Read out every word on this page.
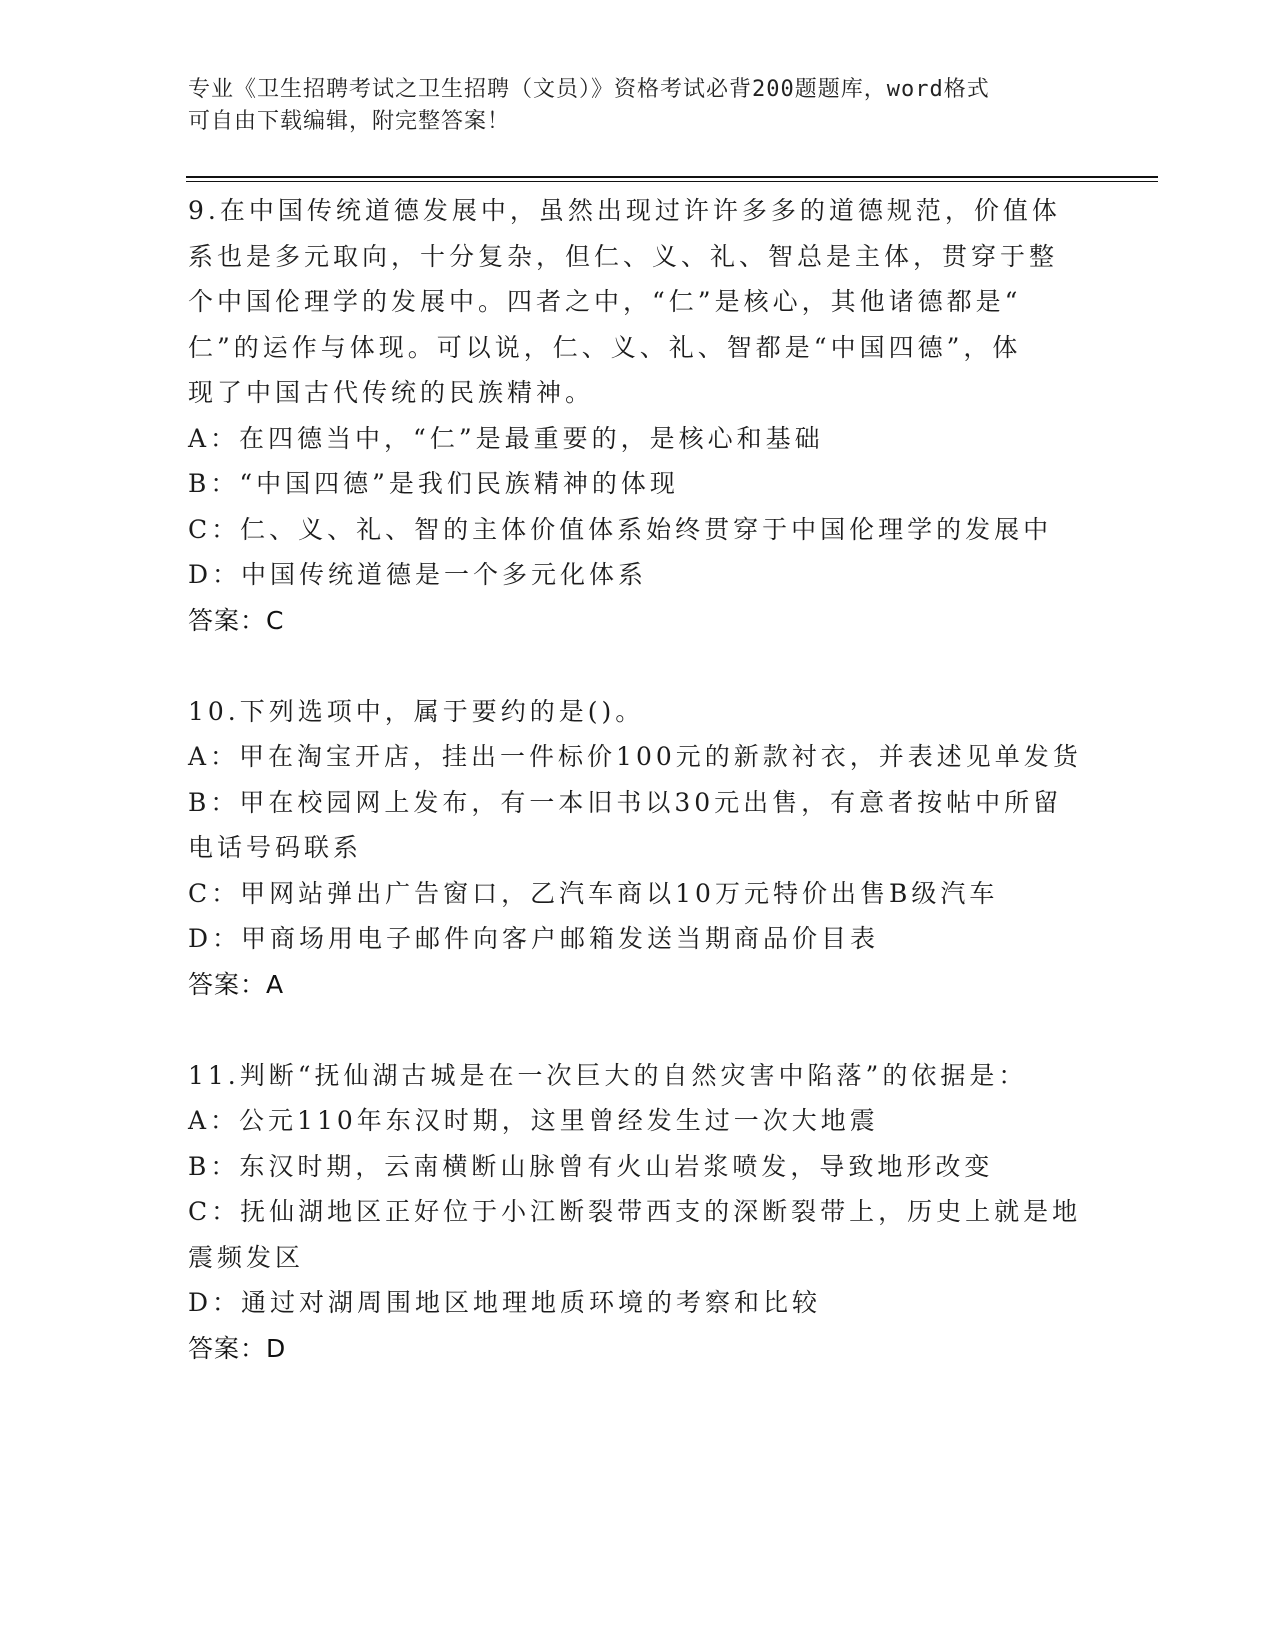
专业《卫生招聘考试之卫生招聘（文员）》资格考试必背200题题库，word格式
可自由下载编辑，附完整答案！
9.在中国传统道德发展中，虽然出现过许许多多的道德规范，价值体
系也是多元取向，十分复杂，但仁、义、礼、智总是主体，贯穿于整
个中国伦理学的发展中。四者之中，“仁”是核心，其他诸德都是“
仁”的运作与体现。可以说，仁、义、礼、智都是“中国四德”，体
现了中国古代传统的民族精神。
A：在四德当中，“仁”是最重要的，是核心和基础
B：“中国四德”是我们民族精神的体现
C：仁、义、礼、智的主体价值体系始终贯穿于中国伦理学的发展中
D：中国传统道德是一个多元化体系
答案：C
10.下列选项中，属于要约的是()。
A：甲在淘宝开店，挂出一件标价100元的新款衬衣，并表述见单发货
B：甲在校园网上发布，有一本旧书以30元出售，有意者按帖中所留
电话号码联系
C：甲网站弹出广告窗口，乙汽车商以10万元特价出售B级汽车
D：甲商场用电子邮件向客户邮箱发送当期商品价目表
答案：A
11.判断“抚仙湖古城是在一次巨大的自然灾害中陷落”的依据是：
A：公元110年东汉时期，这里曾经发生过一次大地震
B：东汉时期，云南横断山脉曾有火山岩浆喷发，导致地形改变
C：抚仙湖地区正好位于小江断裂带西支的深断裂带上，历史上就是地
震频发区
D：通过对湖周围地区地理地质环境的考察和比较
答案：D
